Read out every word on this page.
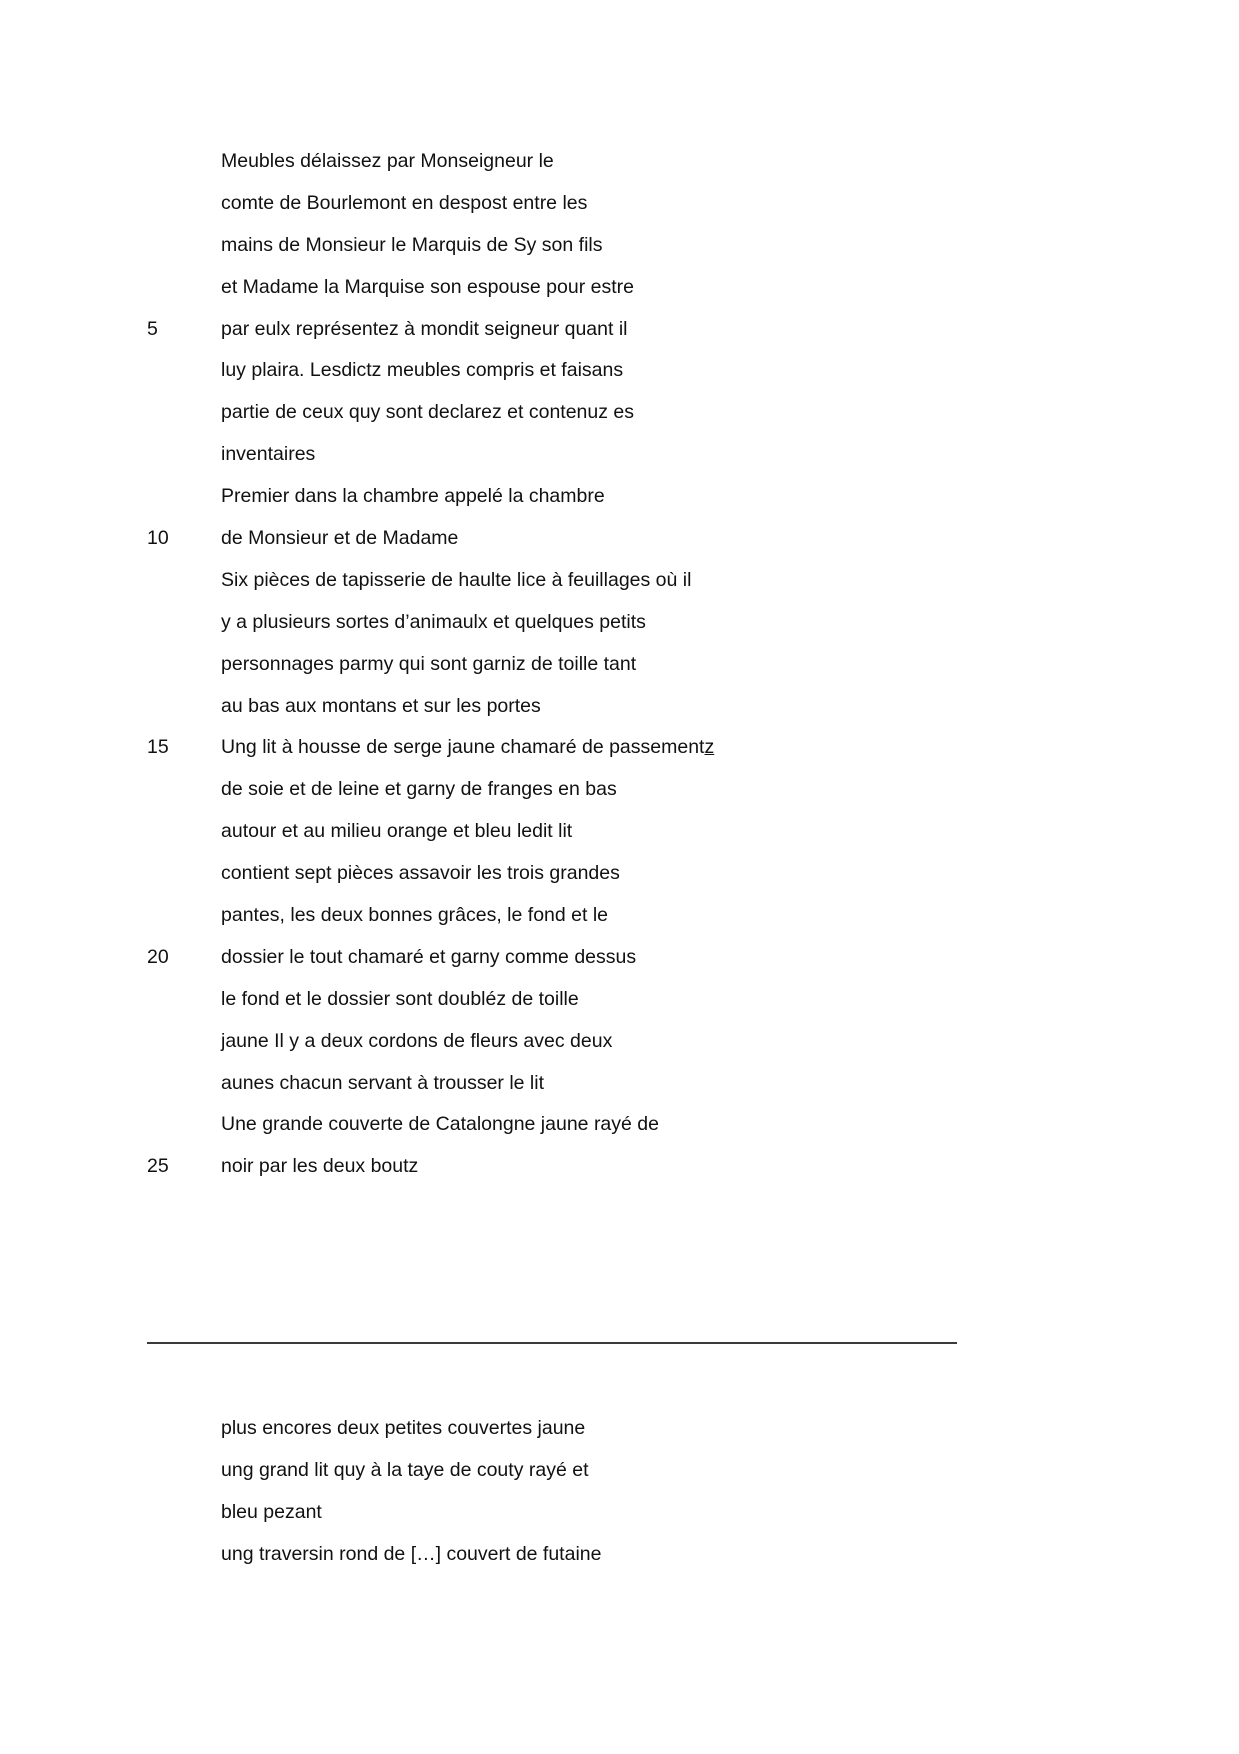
Meubles délaissez par Monseigneur le
comte de Bourlemont en despost entre les
mains de Monsieur le Marquis de Sy son fils
et Madame la Marquise son espouse pour estre
5	par eulx représentez à mondit seigneur quant il
luy plaira. Lesdictz meubles compris et faisans
partie de ceux quy sont declarez et contenuz es
inventaires
Premier dans la chambre appelé la chambre
10	de Monsieur et de Madame
Six pièces de tapisserie de haulte lice à feuillages où il
y a plusieurs sortes d’animaulx et quelques petits
personnages parmy qui sont garniz de toille tant
au bas aux montans et sur les portes
15	Ung lit à housse de serge jaune chamaré de passementz
de soie et de leine et garny de franges en bas
autour et au milieu orange et bleu ledit lit
contient sept pièces assavoir les trois grandes
pantes, les deux bonnes grâces, le fond et le
20	dossier le tout chamaré et garny comme dessus
le fond et le dossier sont doubléz de toille
jaune Il y a deux cordons de fleurs avec deux
aunes chacun servant à trousser le lit
Une grande couverte de Catalongne jaune rayé de
25	noir par les deux boutz
plus encores deux petites couvertes jaune
ung grand lit quy à la taye de couty rayé et
bleu pezant
ung traversin rond de […] couvert de futaine
